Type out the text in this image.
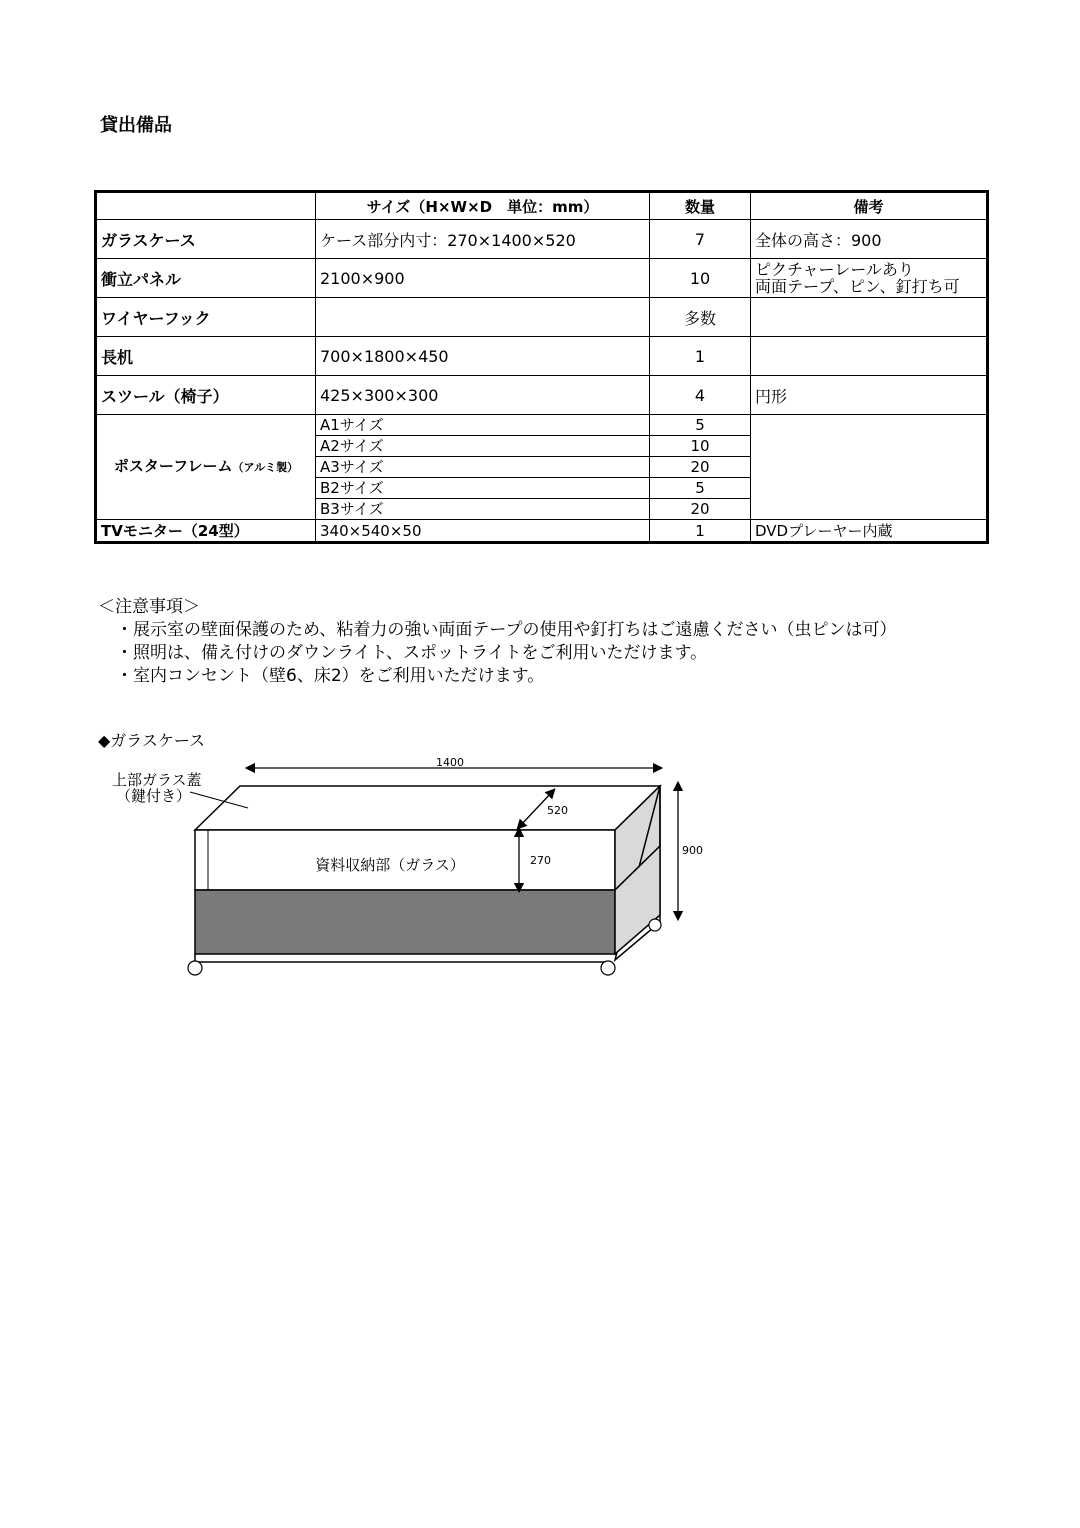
貸出備品
	サイズ（H×W×D　単位：mm）	数量	備考
ガラスケース	ケース部分内寸：270×1400×520	7	全体の高さ：900
衝立パネル	2100×900	10	ピクチャーレールあり
両面テープ、ピン、釘打ち可

ワイヤーフック		多数	
長机	700×1800×450	1	
スツール（椅子）	425×300×300	4	円形
ポスターフレーム（アルミ製）	A1サイズ	5	
	A2サイズ	10	
	A3サイズ	20	
	B2サイズ	5	
	B3サイズ	20	
TVモニター（24型）	340×540×50	1	DVDプレーヤー内蔵
＜注意事項＞
・展示室の壁面保護のため、粘着力の強い両面テープの使用や釘打ちはご遠慮ください（虫ピンは可）
・照明は、備え付けのダウンライト、スポットライトをご利用いただけます。
・室内コンセント（壁6、床2）をご利用いただけます。
◆ガラスケース
1400
520
270
900
資料収納部（ガラス）
上部ガラス蓋
（鍵付き）
